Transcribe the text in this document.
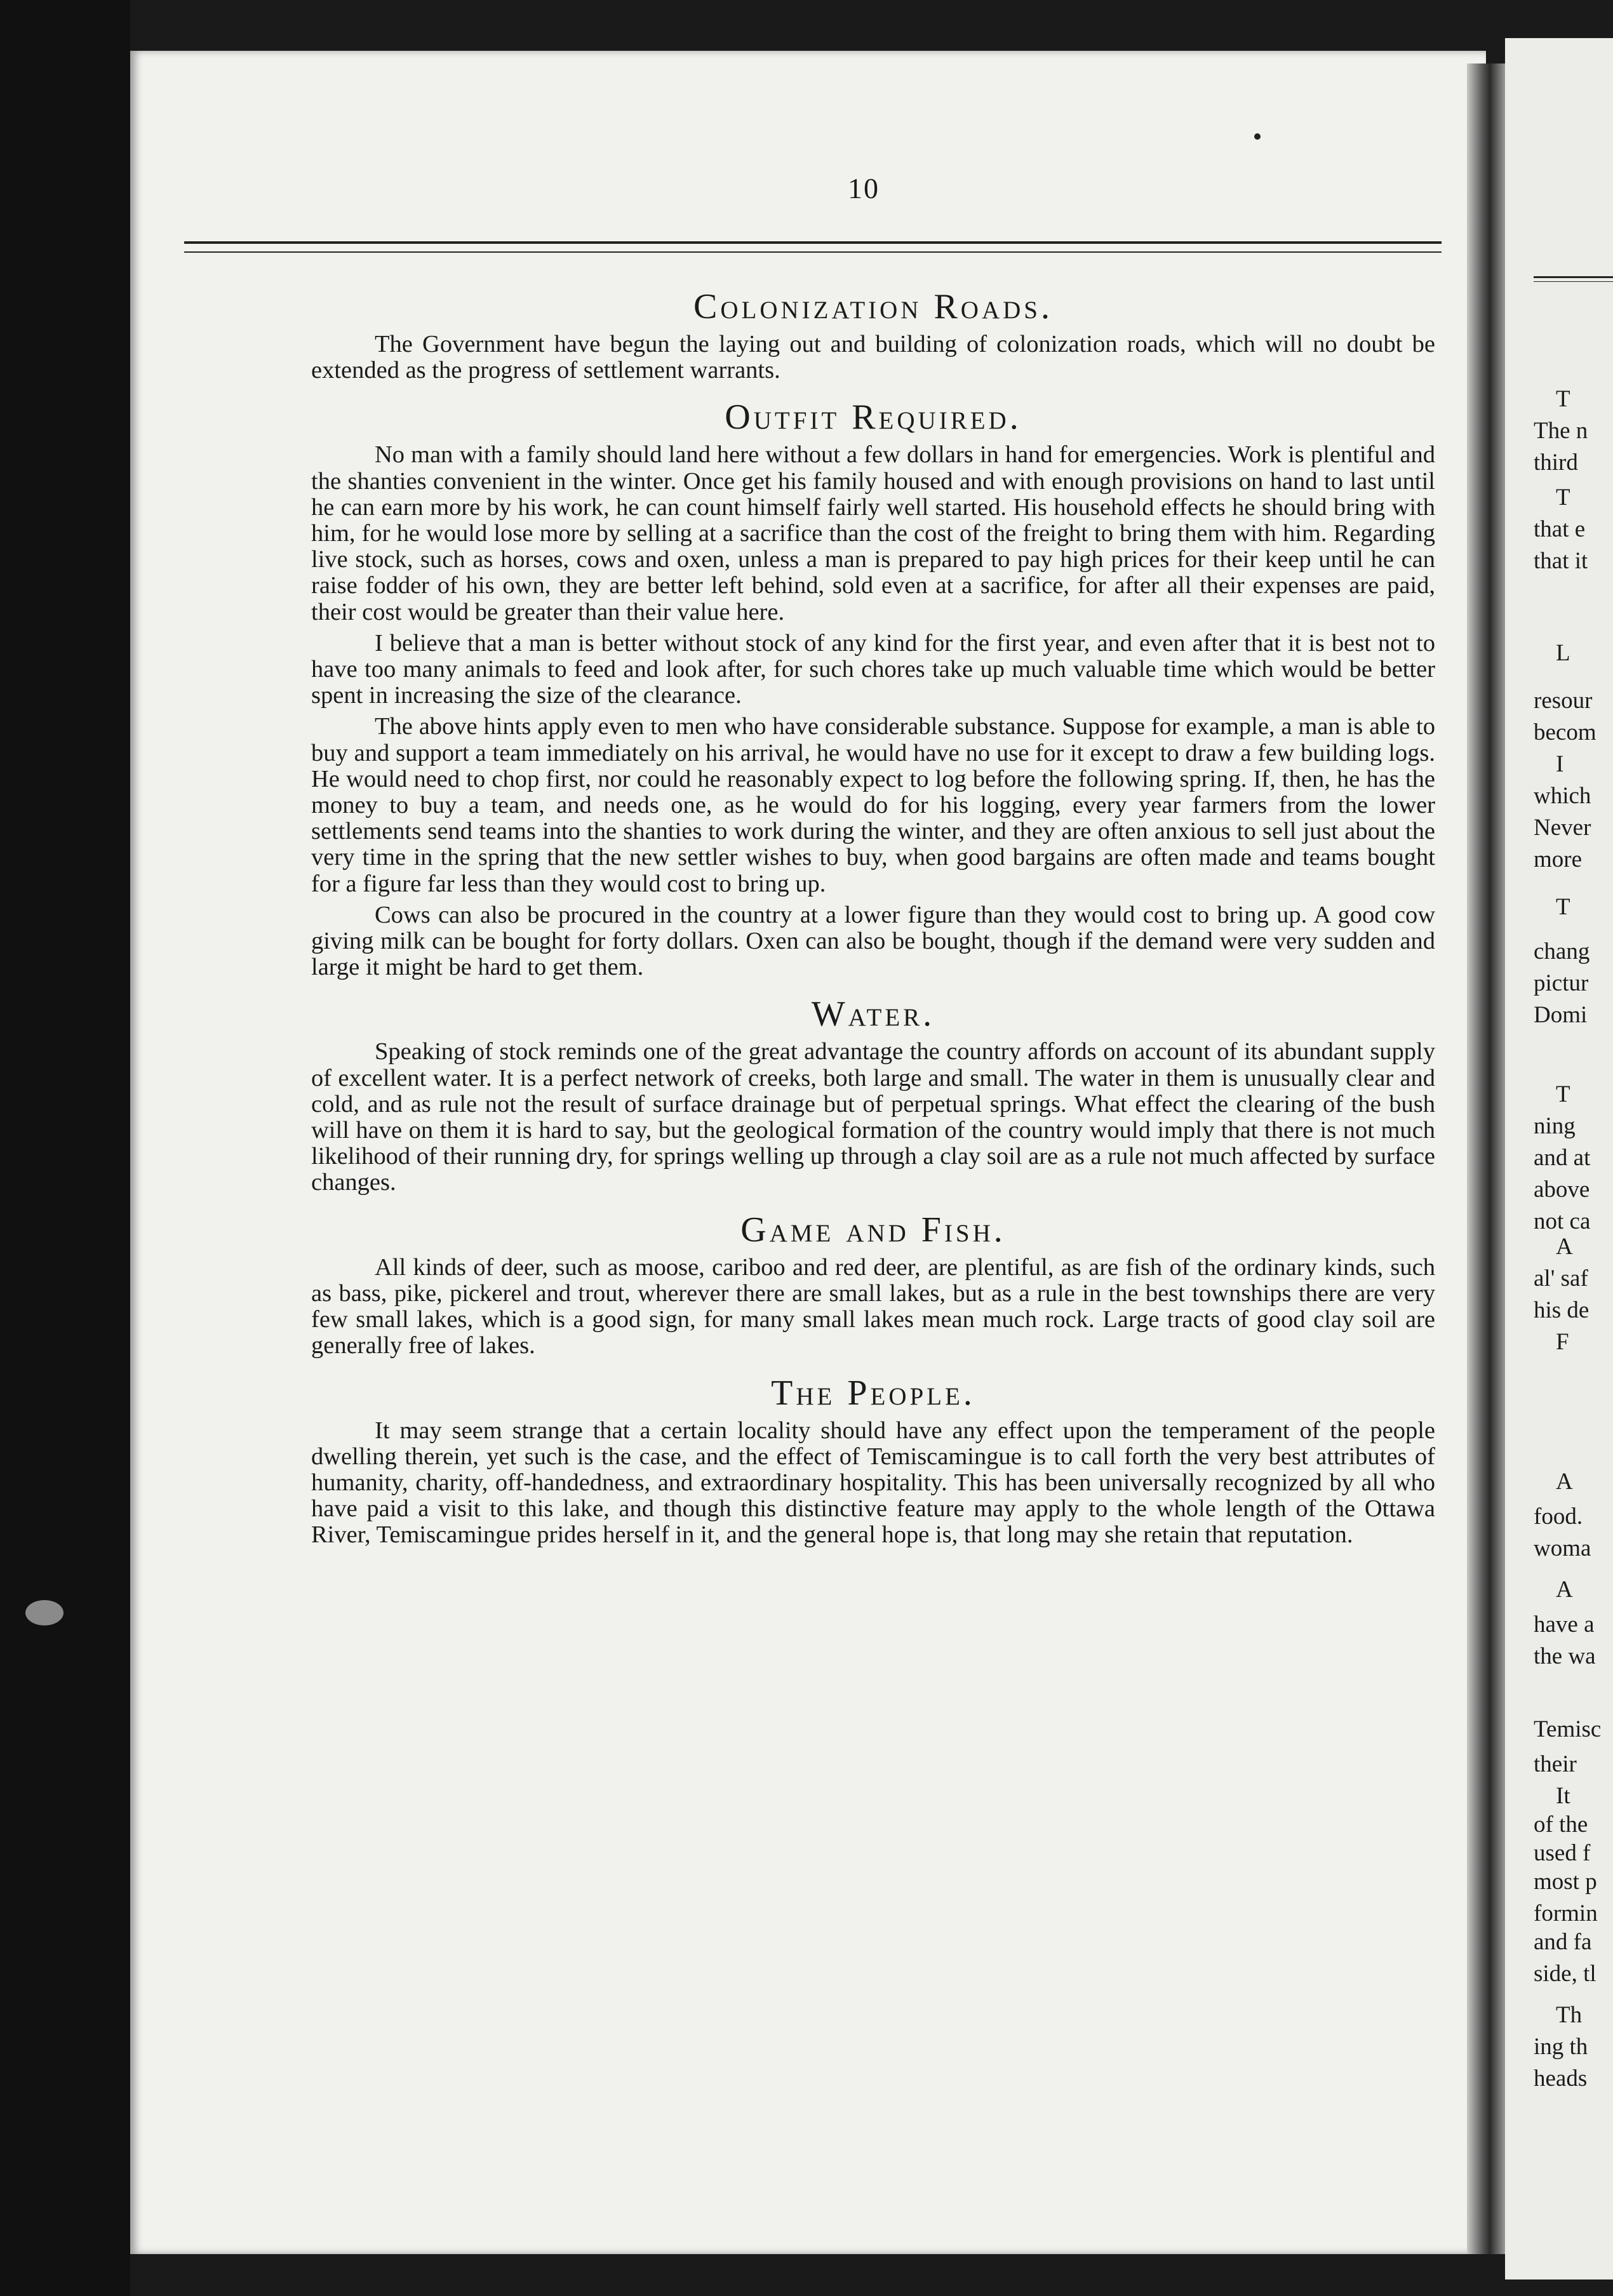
10
Colonization Roads.

The Government have begun the laying out and building of colonization roads, which will no doubt be extended as the progress of settlement warrants.

Outfit Required.

No man with a family should land here without a few dollars in hand for emergencies. Work is plentiful and the shanties convenient in the winter. Once get his family housed and with enough provisions on hand to last until he can earn more by his work, he can count himself fairly well started. His household effects he should bring with him, for he would lose more by selling at a sacrifice than the cost of the freight to bring them with him. Regarding live stock, such as horses, cows and oxen, unless a man is prepared to pay high prices for their keep until he can raise fodder of his own, they are better left behind, sold even at a sacrifice, for after all their expenses are paid, their cost would be greater than their value here.

I believe that a man is better without stock of any kind for the first year, and even after that it is best not to have too many animals to feed and look after, for such chores take up much valuable time which would be better spent in increasing the size of the clearance.

The above hints apply even to men who have considerable substance. Suppose for example, a man is able to buy and support a team immediately on his arrival, he would have no use for it except to draw a few building logs. He would need to chop first, nor could he reasonably expect to log before the following spring. If, then, he has the money to buy a team, and needs one, as he would do for his logging, every year farmers from the lower settlements send teams into the shanties to work during the winter, and they are often anxious to sell just about the very time in the spring that the new settler wishes to buy, when good bargains are often made and teams bought for a figure far less than they would cost to bring up.

Cows can also be procured in the country at a lower figure than they would cost to bring up. A good cow giving milk can be bought for forty dollars. Oxen can also be bought, though if the demand were very sudden and large it might be hard to get them.

Water.

Speaking of stock reminds one of the great advantage the country affords on account of its abundant supply of excellent water. It is a perfect network of creeks, both large and small. The water in them is unusually clear and cold, and as rule not the result of surface drainage but of perpetual springs. What effect the clearing of the bush will have on them it is hard to say, but the geological formation of the country would imply that there is not much likelihood of their running dry, for springs welling up through a clay soil are as a rule not much affected by surface changes.

Game and Fish.

All kinds of deer, such as moose, cariboo and red deer, are plentiful, as are fish of the ordinary kinds, such as bass, pike, pickerel and trout, wherever there are small lakes, but as a rule in the best townships there are very few small lakes, which is a good sign, for many small lakes mean much rock. Large tracts of good clay soil are generally free of lakes.

The People.

It may seem strange that a certain locality should have any effect upon the temperament of the people dwelling therein, yet such is the case, and the effect of Temiscamingue is to call forth the very best attributes of humanity, charity, off-handedness, and extraordinary hospitality. This has been universally recognized by all who have paid a visit to this lake, and though this distinctive feature may apply to the whole length of the Ottawa River, Temiscamingue prides herself in it, and the general hope is, that long may she retain that reputation.

T
The n
third
T
that e
that it
L
resour
becom
I
which
Never
more
T
chang
pictur
Domi
T
ning
and at
above
not ca
A
al' saf
his de
F
A
food.
woma
A
have a
the wa
Temisc
their
It
of the
used f
most p
formin
and fa
side, tl
Th
ing th
heads
